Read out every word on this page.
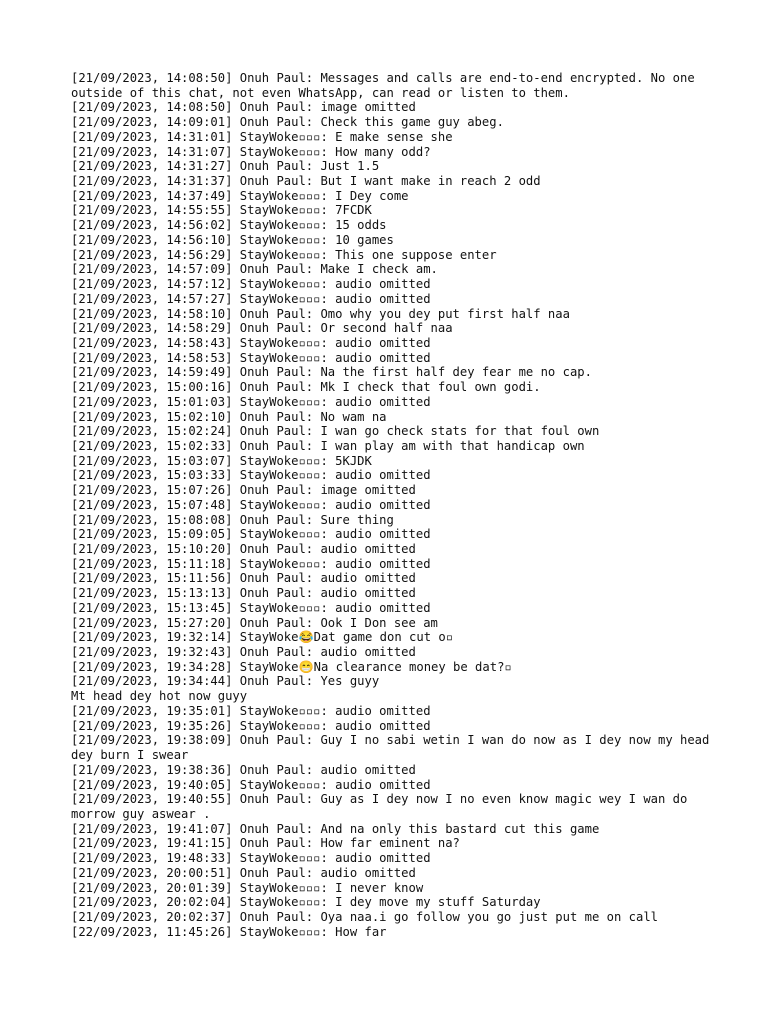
[21/09/2023, 14:08:50] Onuh Paul: Messages and calls are end-to-end encrypted. No one outside of this chat, not even WhatsApp, can read or listen to them.
[21/09/2023, 14:08:50] Onuh Paul: image omitted
[21/09/2023, 14:09:01] Onuh Paul: Check this game guy abeg.
[21/09/2023, 14:31:01] StayWoke▫▫▫: E make sense she
[21/09/2023, 14:31:07] StayWoke▫▫▫: How many odd?
[21/09/2023, 14:31:27] Onuh Paul: Just 1.5
[21/09/2023, 14:31:37] Onuh Paul: But I want make in reach 2 odd
[21/09/2023, 14:37:49] StayWoke▫▫▫: I Dey come
[21/09/2023, 14:55:55] StayWoke▫▫▫: 7FCDK
[21/09/2023, 14:56:02] StayWoke▫▫▫: 15 odds
[21/09/2023, 14:56:10] StayWoke▫▫▫: 10 games
[21/09/2023, 14:56:29] StayWoke▫▫▫: This one suppose enter
[21/09/2023, 14:57:09] Onuh Paul: Make I check am.
[21/09/2023, 14:57:12] StayWoke▫▫▫: audio omitted
[21/09/2023, 14:57:27] StayWoke▫▫▫: audio omitted
[21/09/2023, 14:58:10] Onuh Paul: Omo why you dey put first half naa
[21/09/2023, 14:58:29] Onuh Paul: Or second half naa
[21/09/2023, 14:58:43] StayWoke▫▫▫: audio omitted
[21/09/2023, 14:58:53] StayWoke▫▫▫: audio omitted
[21/09/2023, 14:59:49] Onuh Paul: Na the first half dey fear me no cap.
[21/09/2023, 15:00:16] Onuh Paul: Mk I check that foul own godi.
[21/09/2023, 15:01:03] StayWoke▫▫▫: audio omitted
[21/09/2023, 15:02:10] Onuh Paul: No wam na
[21/09/2023, 15:02:24] Onuh Paul: I wan go check stats for that foul own
[21/09/2023, 15:02:33] Onuh Paul: I wan play am with that handicap own
[21/09/2023, 15:03:07] StayWoke▫▫▫: 5KJDK
[21/09/2023, 15:03:33] StayWoke▫▫▫: audio omitted
[21/09/2023, 15:07:26] Onuh Paul: image omitted
[21/09/2023, 15:07:48] StayWoke▫▫▫: audio omitted
[21/09/2023, 15:08:08] Onuh Paul: Sure thing
[21/09/2023, 15:09:05] StayWoke▫▫▫: audio omitted
[21/09/2023, 15:10:20] Onuh Paul: audio omitted
[21/09/2023, 15:11:18] StayWoke▫▫▫: audio omitted
[21/09/2023, 15:11:56] Onuh Paul: audio omitted
[21/09/2023, 15:13:13] Onuh Paul: audio omitted
[21/09/2023, 15:13:45] StayWoke▫▫▫: audio omitted
[21/09/2023, 15:27:20] Onuh Paul: Ook I Don see am
[21/09/2023, 19:32:14] StayWoke😂Dat game don cut o▫
[21/09/2023, 19:32:43] Onuh Paul: audio omitted
[21/09/2023, 19:34:28] StayWoke😁Na clearance money be dat?▫
[21/09/2023, 19:34:44] Onuh Paul: Yes guyy
Mt head dey hot now guyy
[21/09/2023, 19:35:01] StayWoke▫▫▫: audio omitted
[21/09/2023, 19:35:26] StayWoke▫▫▫: audio omitted
[21/09/2023, 19:38:09] Onuh Paul: Guy I no sabi wetin I wan do now as I dey now my head dey burn I swear
[21/09/2023, 19:38:36] Onuh Paul: audio omitted
[21/09/2023, 19:40:05] StayWoke▫▫▫: audio omitted
[21/09/2023, 19:40:55] Onuh Paul: Guy as I dey now I no even know magic wey I wan do morrow guy aswear .
[21/09/2023, 19:41:07] Onuh Paul: And na only this bastard cut this game
[21/09/2023, 19:41:15] Onuh Paul: How far eminent na?
[21/09/2023, 19:48:33] StayWoke▫▫▫: audio omitted
[21/09/2023, 20:00:51] Onuh Paul: audio omitted
[21/09/2023, 20:01:39] StayWoke▫▫▫: I never know
[21/09/2023, 20:02:04] StayWoke▫▫▫: I dey move my stuff Saturday
[21/09/2023, 20:02:37] Onuh Paul: Oya naa.i go follow you go just put me on call
[22/09/2023, 11:45:26] StayWoke▫▫▫: How far
